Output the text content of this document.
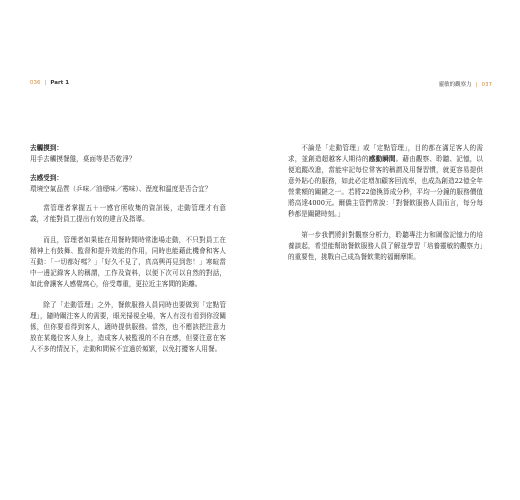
036 | Part 1
去觸摸到：

用手去觸摸餐盤，桌面等是否乾淨？

去感受到：

環境空氣品質（乒味／油煙味／霉味）、溼度和溫度是否合宜？

當管理者掌握五＋一感官所收集的資訊後，走動管理才有意義，才能對員工提出有效的建言及指導。

而且，管理者如果能在用餐時間時常進場走動，不只對員工在精神上有鼓舞、監督和提升效能的作用，同時也能藉此機會和客人互動：「一切都好嗎？」「好久不見了，真高興再見到您！」寒暄當中一邊記錄客人的稱謂，工作及資料，以便下次可以自然的對話，如此會讓客人感覺窩心，倍受尊重，更拉近主客間的距離。

除了「走動管理」之外，餐飲服務人員同時也要做到「定點管理」，隨時關注客人的需要，眼光掃視全場，客人有沒有看到你沒關係，但你要看得到客人，適時提供服務。當然，也不應該把注意力放在某幾位客人身上，造成客人被監視的不自在感，但要注意在客人不多的情況下，走動和間候不宜過於頻繁，以免打擾客人用餐。

靈敏的觀察力 | 037

不論是「走動管理」或「定點管理」，目的都在滿足客人的需求，並創造超越客人期待的感動瞬間。藉由觀察、聆聽、記憶，以便追蹤改進，當能牢記每位常客的稱謂及用餐習慣，就更容易提供意外貼心的服務，如此必定增加顧客回流率，也成為創造22億全年營業額的關鍵之一。若將22億換算成分秒，平均一分鐘的服務價值將高達4000元。爾僑主管們常說：「對餐飲服務人員而言，每分每秒都是關鍵時刻。」

第一步我們將針對觀察分析力，聆聽專注力和圖像記憶力的培養談起，希望能幫助餐飲服務人員了解並學習「培養靈敏的觀察力」的重要性，挑戰自己成為餐飲業的福爾摩斯。
